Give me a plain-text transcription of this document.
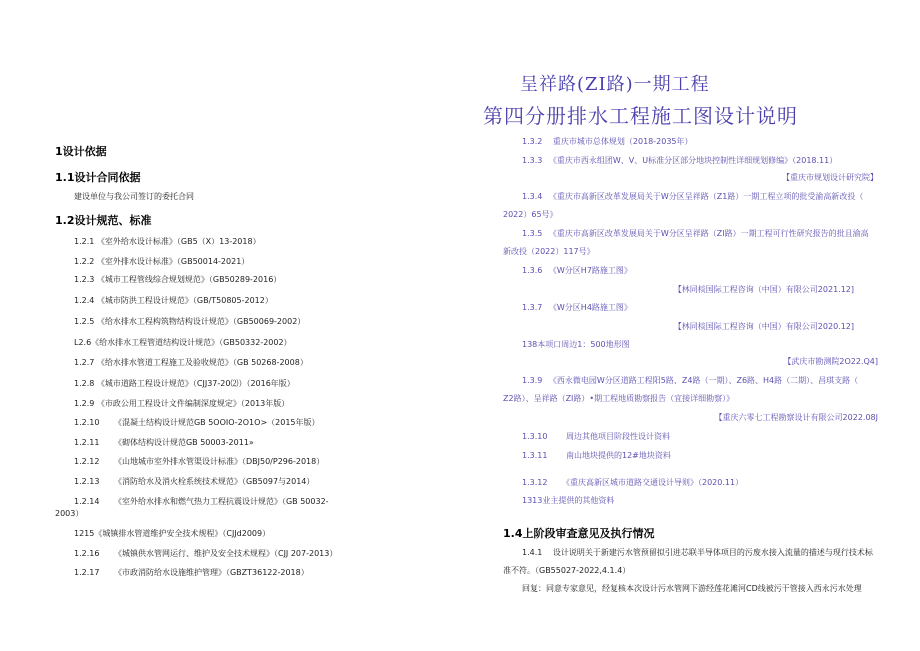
呈祥路(ZI路)一期工程
第四分册排水工程施工图设计说明
1设计依据
1.1设计合同依据
建设单位与我公司签订的委托合同
1.2设计规范、标准
1.2.1 《室外给水设计标准》（GB5（X）13-2018）
1.2.2 《室外排水设计标准》（GB50014-2021）
1.2.3 《城市工程管线综合规划规范》（GB50289-2016）
1.2.4 《城市防洪工程设计规范》（GB/T50805-2012）
1.2.5 《给水排水工程构筑物结构设计规范》（GB50069-2002）
L2.6《给水排水工程管道结构设计规范》（GB50332-2002）
1.2.7 《给水排水管道工程施工及验收规范》（GB 50268-2008）
1.2.8 《城市道路工程设计规范》（CJJ37-20⑵）（2016年版）
1.2.9 《市政公用工程设计文件编制深度规定》（2013年版）
1.2.10 　　《混凝土结构设计规范GB 5OOIO-2O1O>（2015年版）
1.2.11 　　《砌体结构设计规范GB 50003-2011»
1.2.12 　　《山地城市室外排水管渠设计标准》（DBJ50/P296-2018）
1.2.13 　　《消防给水及消火栓系统技术规范》（GB5097与2014）
1.2.14 　　《室外给水排水和燃气热力工程抗震设计规范》（GB 50032-
2003）
1215《城镇排水管道维护安全技术规程》（CJJd2009）
1.2.16 　　《城镇供水管网运行、维护及安全技术规程》（CJJ 207-2013）
1.2.17 　　《市政消防给水设施维护管理》（GBZT36122-2018）
1.3.2 　重庆市城市总体规划（2018-2035年）
1.3.3 　《重庆市西永组团W、V、U标准分区部分地块控制性详细规划修编》（2018.11）
【重庆市规划设计研究院】
1.3.4 　《重庆市高新区改革发展局关于W分区呈祥路（Z1路）一期工程立项的批受渝高新改投（
2022）65号》
1.3.5 　《重庆市高新区改革发展局关于W分区呈祥路（ZI路）一期工程可行性研究报告的批且渝高
新改投（2022）117号》
1.3.6 　《W分区H7路施工图》
【林同棪国际工程咨询（中国）有限公司2021.12]
1.3.7 　《W分区H4路施工图》
【林同棪国际工程咨询（中国）有限公司2020.12]
138本项口周边1：500地形图
【武庆市勘测院2O22.Q4]
1.3.9 　《西永微电园W分区道路工程阳5路、Z4路（一期）、Z6路、H4路（二期）、昌琪支路（
Z2路）、呈祥路（ZI路）•期工程地质勘察报告（宜接详细勘察）》
【重庆六零七工程勘察设计有限公司2022.08J
1.3.10 　　周边其他项目阶段性设计资料
1.3.11 　　南山地块提供的12#地块资料
1.3.12 　　《重庆高新区城市道路交通设计导则》（2020.11）
1313业主提供的其他资料
1.4上阶段审查意见及执行情况
1.4.1 　设计说明关于新建污水管预留拟引进芯联半导体项目的污废水接入流量的描述与现行技术标
准不符。（GB55027-2022,4.1.4）
回复：同意专家意见，经复核本次设计污水管网下游经莲花滩河CD线被污干管接入西永污水处理
